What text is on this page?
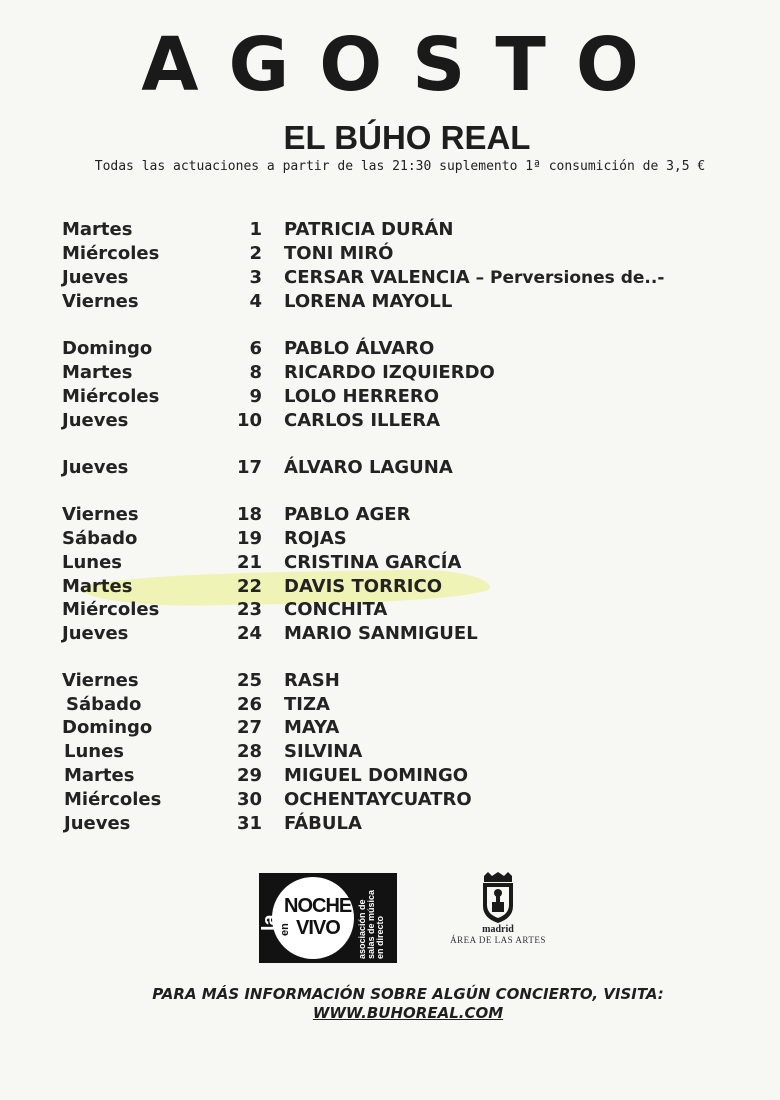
AGOSTO
EL BÚHO REAL
Todas las actuaciones a partir de las 21:30 suplemento 1ª consumición de 3,5 €
Martes	1 PATRICIA DURÁN
Miércoles	2 TONI MIRÓ
Jueves	3 CERSAR VALENCIA – Perversiones de..-
Viernes	4 LORENA MAYOLL
Domingo	6 PABLO ÁLVARO
Martes	8 RICARDO IZQUIERDO
Miércoles	9 LOLO HERRERO
Jueves	10 CARLOS ILLERA
Jueves	17 ÁLVARO LAGUNA
Viernes	18 PABLO AGER
Sábado	19 ROJAS
Lunes	21 CRISTINA GARCÍA
Martes	22 DAVIS TORRICO
Miércoles	23 CONCHITA
Jueves	24 MARIO SANMIGUEL
Viernes	25 RASH
Sábado	26 TIZA
Domingo	27 MAYA
Lunes	28 SILVINA
Martes	29 MIGUEL DOMINGO
Miércoles	30 OCHENTAYCUATRO
Jueves	31 FÁBULA
la
NOCHE
en VIVO asociación de salas de música en directo	madrid
ÁREA DE LAS ARTES
PARA MÁS INFORMACIÓN SOBRE ALGÚN CONCIERTO, VISITA:
WWW.BUHOREAL.COM
